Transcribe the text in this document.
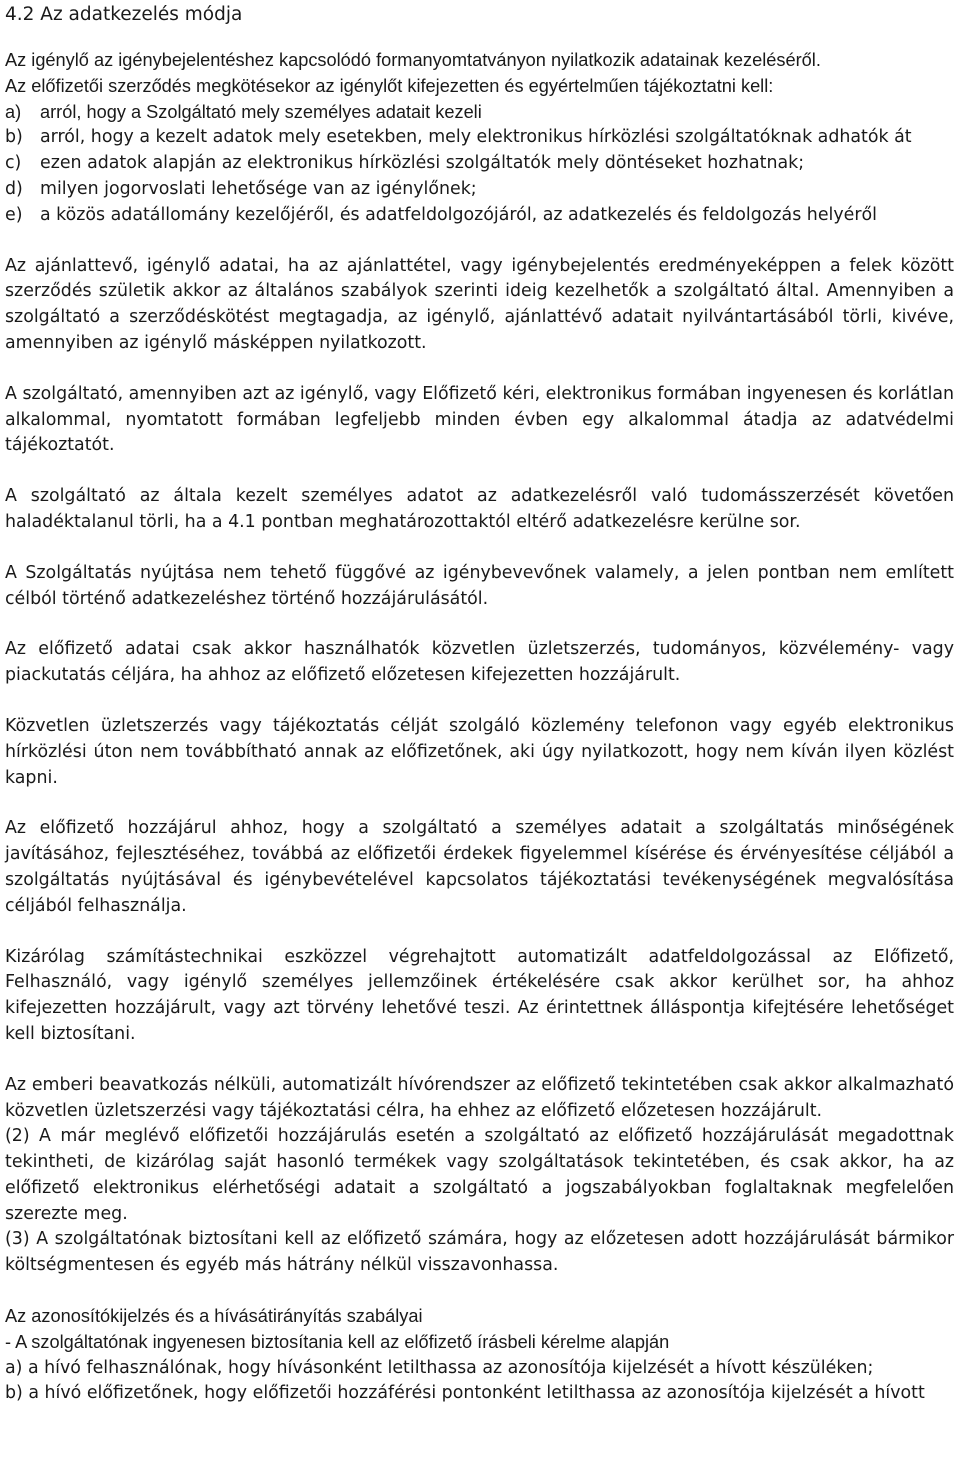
4.2 Az adatkezelés módja

Az igénylő az igénybejelentéshez kapcsolódó formanyomtatványon nyilatkozik adatainak kezeléséről.

Az előfizetői szerződés megkötésekor az igénylőt kifejezetten és egyértelműen tájékoztatni kell:

a)	arról, hogy a Szolgáltató mely személyes adatait kezeli
b) arról, hogy a kezelt adatok mely esetekben, mely elektronikus hírközlési szolgáltatóknak adhatók át
c)	ezen adatok alapján az elektronikus hírközlési szolgáltatók mely döntéseket hozhatnak;
d) milyen jogorvoslati lehetősége van az igénylőnek;
e)	a közös adatállomány kezelőjéről, és adatfeldolgozójáról, az adatkezelés és feldolgozás helyéről

Az ajánlattevő, igénylő adatai, ha az ajánlattétel, vagy igénybejelentés eredményeképpen a felek között szerződés születik akkor az általános szabályok szerinti ideig kezelhetők a szolgáltató által. Amennyiben a szolgáltató a szerződéskötést megtagadja, az igénylő, ajánlattévő adatait nyilvántartásából törli, kivéve, amennyiben az igénylő másképpen nyilatkozott.

A szolgáltató, amennyiben azt az igénylő, vagy Előfizető kéri, elektronikus formában ingyenesen és korlátlan alkalommal, nyomtatott formában legfeljebb minden évben egy alkalommal átadja az adatvédelmi tájékoztatót.

A szolgáltató az általa kezelt személyes adatot az adatkezelésről való tudomásszerzését követően haladéktalanul törli, ha a 4.1 pontban meghatározottaktól eltérő adatkezelésre kerülne sor.

A Szolgáltatás nyújtása nem tehető függővé az igénybevevőnek valamely, a jelen pontban nem említett célból történő adatkezeléshez történő hozzájárulásától.

Az előfizető adatai csak akkor használhatók közvetlen üzletszerzés, tudományos, közvélemény- vagy piackutatás céljára, ha ahhoz az előfizető előzetesen kifejezetten hozzájárult.

Közvetlen üzletszerzés vagy tájékoztatás célját szolgáló közlemény telefonon vagy egyéb elektronikus hírközlési úton nem továbbítható annak az előfizetőnek, aki úgy nyilatkozott, hogy nem kíván ilyen közlést kapni.

Az előfizető hozzájárul ahhoz, hogy a szolgáltató a személyes adatait a szolgáltatás minőségének javításához, fejlesztéséhez, továbbá az előfizetői érdekek figyelemmel kísérése és érvényesítése céljából a szolgáltatás nyújtásával és igénybevételével kapcsolatos tájékoztatási tevékenységének megvalósítása céljából felhasználja.

Kizárólag számítástechnikai eszközzel végrehajtott automatizált adatfeldolgozással az Előfizető, Felhasználó, vagy igénylő személyes jellemzőinek értékelésére csak akkor kerülhet sor, ha ahhoz kifejezetten hozzájárult, vagy azt törvény lehetővé teszi. Az érintettnek álláspontja kifejtésére lehetőséget kell biztosítani.

Az emberi beavatkozás nélküli, automatizált hívórendszer az előfizető tekintetében csak akkor alkalmazható közvetlen üzletszerzési vagy tájékoztatási célra, ha ehhez az előfizető előzetesen hozzájárult.

(2) A már meglévő előfizetői hozzájárulás esetén a szolgáltató az előfizető hozzájárulását megadottnak tekintheti, de kizárólag saját hasonló termékek vagy szolgáltatások tekintetében, és csak akkor, ha az előfizető elektronikus elérhetőségi adatait a szolgáltató a jogszabályokban foglaltaknak megfelelően szerezte meg.

(3) A szolgáltatónak biztosítani kell az előfizető számára, hogy az előzetesen adott hozzájárulását bármikor költségmentesen és egyéb más hátrány nélkül visszavonhassa.

Az azonosítókijelzés és a hívásátirányítás szabályai

- A szolgáltatónak ingyenesen biztosítania kell az előfizető írásbeli kérelme alapján

a) a hívó felhasználónak, hogy hívásonként letilthassa az azonosítója kijelzését a hívott készüléken;

b) a hívó előfizetőnek, hogy előfizetői hozzáférési pontonként letilthassa az azonosítója kijelzését a hívott
